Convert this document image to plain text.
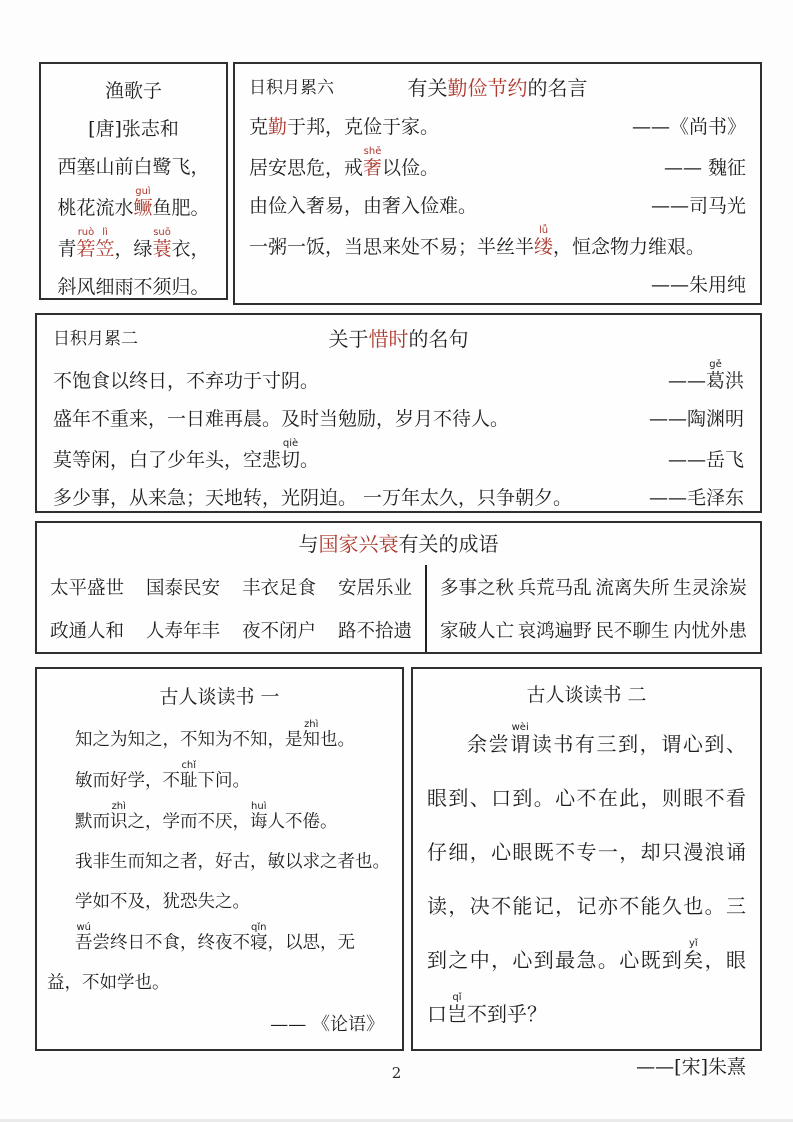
渔歌子
[唐]张志和
西塞山前白鹭飞，
桃花流水鳜guì鱼肥。
青箬ruò笠lì，绿蓑suō衣，
斜风细雨不须归。
日积月累六	有关勤俭节约的名言
克勤于邦，克俭于家。	——《尚书》
居安思危，戒奢shē以俭。	—— 魏征
由俭入奢易，由奢入俭难。	——司马光
一粥一饭，当思来处不易；半丝半缕lǚ，恒念物力维艰。
——朱用纯
日积月累二	关于惜时的名句
不饱食以终日，不弃功于寸阴。	——葛gě洪
盛年不重来，一日难再晨。及时当勉励，岁月不待人。	——陶渊明
莫等闲，白了少年头，空悲切qiè。	——岳飞
多少事，从来急；天地转，光阴迫。 一万年太久，只争朝夕。	——毛泽东
与国家兴衰有关的成语
太平盛世 国泰民安 丰衣足食 安居乐业
政通人和 人寿年丰 夜不闭户 路不拾遗
多事之秋 兵荒马乱 流离失所 生灵涂炭
家破人亡 哀鸿遍野 民不聊生 内忧外患
古人谈读书 一
知之为知之，不知为不知，是知zhì也。
敏而好学，不耻chǐ下问。
默而识zhì之，学而不厌，诲huì人不倦。
我非生而知之者，好古，敏以求之者也。
学如不及，犹恐失之。
吾wú尝终日不食，终夜不寝qǐn，以思，无
益，不如学也。
—— 《论语》
古人谈读书 二
余尝谓wèi读书有三到，谓心到、眼到、口到。心不在此，则眼不看仔细，心眼既不专一，却只漫浪诵读，决不能记，记亦不能久也。三到之中，心到最急。心既到矣yǐ，眼口岂qǐ不到乎？
——[宋]朱熹
2
